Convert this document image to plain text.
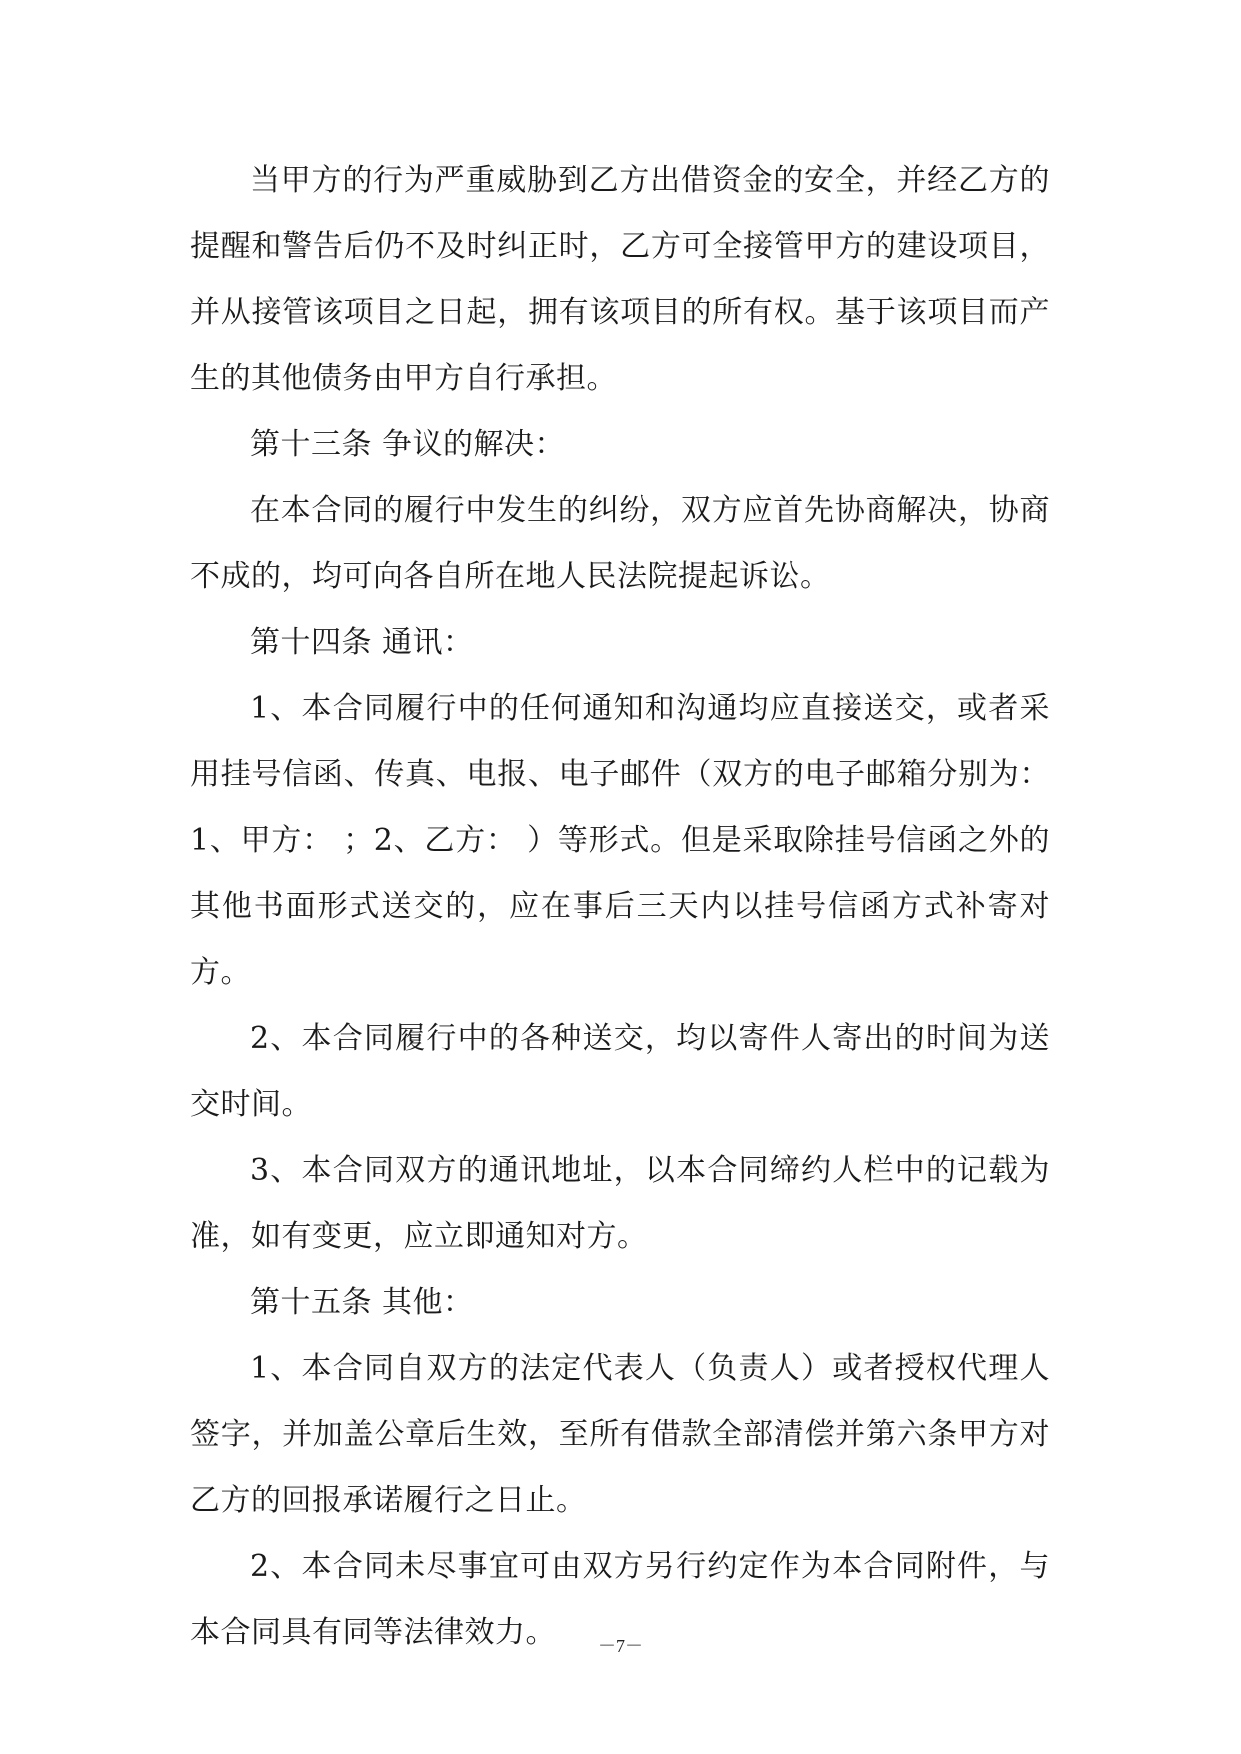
当甲方的行为严重威胁到乙方出借资金的安全，并经乙方的提醒和警告后仍不及时纠正时，乙方可全接管甲方的建设项目，并从接管该项目之日起，拥有该项目的所有权。基于该项目而产生的其他债务由甲方自行承担。

第十三条 争议的解决：

在本合同的履行中发生的纠纷，双方应首先协商解决，协商不成的，均可向各自所在地人民法院提起诉讼。

第十四条 通讯：

1、本合同履行中的任何通知和沟通均应直接送交，或者采用挂号信函、传真、电报、电子邮件（双方的电子邮箱分别为：1、甲方： ；2、乙方： ）等形式。但是采取除挂号信函之外的其他书面形式送交的，应在事后三天内以挂号信函方式补寄对方。

2、本合同履行中的各种送交，均以寄件人寄出的时间为送交时间。

3、本合同双方的通讯地址，以本合同缔约人栏中的记载为准，如有变更，应立即通知对方。

第十五条 其他：

1、本合同自双方的法定代表人（负责人）或者授权代理人签字，并加盖公章后生效，至所有借款全部清偿并第六条甲方对乙方的回报承诺履行之日止。

2、本合同未尽事宜可由双方另行约定作为本合同附件，与本合同具有同等法律效力。	－7－
